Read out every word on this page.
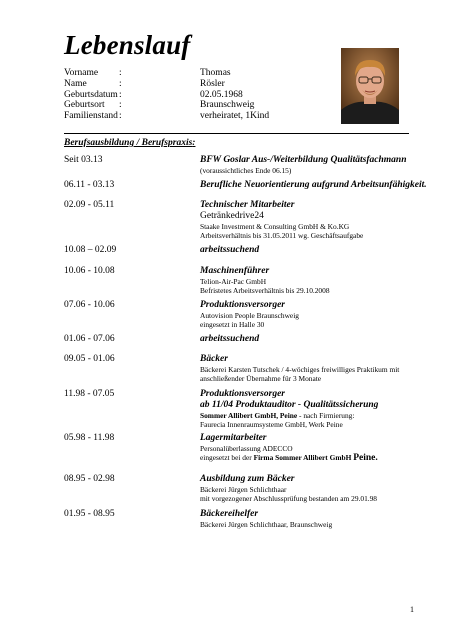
Lebenslauf
Vorname :	Thomas
Name	:	Rösler
Geburtsdatum :	02.05.1968
Geburtsort :	Braunschweig
Familienstand :	verheiratet, 1Kind
Berufsausbildung / Berufspraxis:
Seit 03.13	BFW Goslar Aus-/Weiterbildung Qualitätsfachmann
(voraussichtliches Ende 06.15)
06.11 - 03.13	Berufliche Neuorientierung aufgrund Arbeitsunfähigkeit.
02.09 - 05.11	Technischer Mitarbeiter
Getränkedrive24
Staake Investment & Consulting GmbH & Ko.KG
Arbeitsverhältnis bis 31.05.2011 wg. Geschäftsaufgabe
10.08 – 02.09	arbeitssuchend
10.06 - 10.08	Maschinenführer
Telion-Air-Pac GmbH
Befristetes Arbeitsverhältnis bis 29.10.2008
07.06 - 10.06	Produktionsversorger
Autovision People Braunschweig
eingesetzt in Halle 30
01.06 - 07.06	arbeitssuchend
09.05 - 01.06	Bäcker
Bäckerei Karsten Tutschek / 4-wöchiges freiwilliges Praktikum mit
anschließender Übernahme für 3 Monate
11.98 - 07.05	Produktionsversorger
ab 11/04 Produktauditor - Qualitätssicherung
Sommer Allibert GmbH, Peine - nach Firmierung:
Faurecia Innenraumsysteme GmbH, Werk Peine
05.98 - 11.98	Lagermitarbeiter
Personalüberlassung ADECCO
eingesetzt bei der Firma Sommer Allibert GmbH Peine.
08.95 - 02.98	Ausbildung zum Bäcker
Bäckerei Jürgen Schlichthaar
mit vorgezogener Abschlussprüfung bestanden am 29.01.98
01.95 - 08.95	Bäckereihelfer
Bäckerei Jürgen Schlichthaar, Braunschweig
1
